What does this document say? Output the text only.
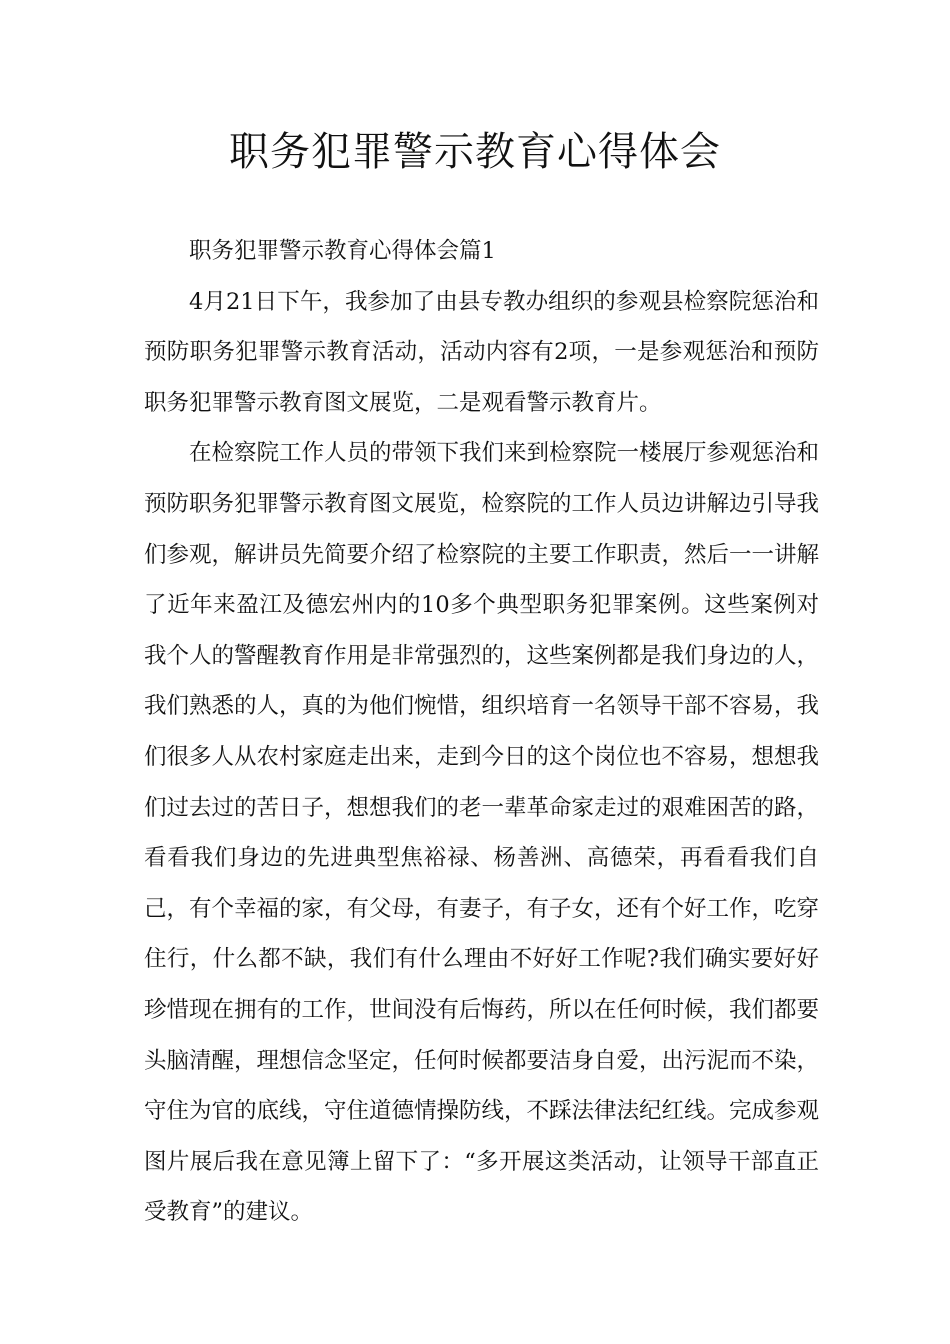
职务犯罪警示教育心得体会

职务犯罪警示教育心得体会篇1

4月21日下午，我参加了由县专教办组织的参观县检察院惩治和预防职务犯罪警示教育活动，活动内容有2项，一是参观惩治和预防职务犯罪警示教育图文展览，二是观看警示教育片。

在检察院工作人员的带领下我们来到检察院一楼展厅参观惩治和预防职务犯罪警示教育图文展览，检察院的工作人员边讲解边引导我们参观，解讲员先简要介绍了检察院的主要工作职责，然后一一讲解了近年来盈江及德宏州内的10多个典型职务犯罪案例。这些案例对我个人的警醒教育作用是非常强烈的，这些案例都是我们身边的人，我们熟悉的人，真的为他们惋惜，组织培育一名领导干部不容易，我们很多人从农村家庭走出来，走到今日的这个岗位也不容易，想想我们过去过的苦日子，想想我们的老一辈革命家走过的艰难困苦的路，看看我们身边的先进典型焦裕禄、杨善洲、高德荣，再看看我们自己，有个幸福的家，有父母，有妻子，有子女，还有个好工作，吃穿住行，什么都不缺，我们有什么理由不好好工作呢?我们确实要好好珍惜现在拥有的工作，世间没有后悔药，所以在任何时候，我们都要头脑清醒，理想信念坚定，任何时候都要洁身自爱，出污泥而不染，守住为官的底线，守住道德情操防线，不踩法律法纪红线。完成参观图片展后我在意见簿上留下了：“多开展这类活动，让领导干部直正受教育”的建议。
